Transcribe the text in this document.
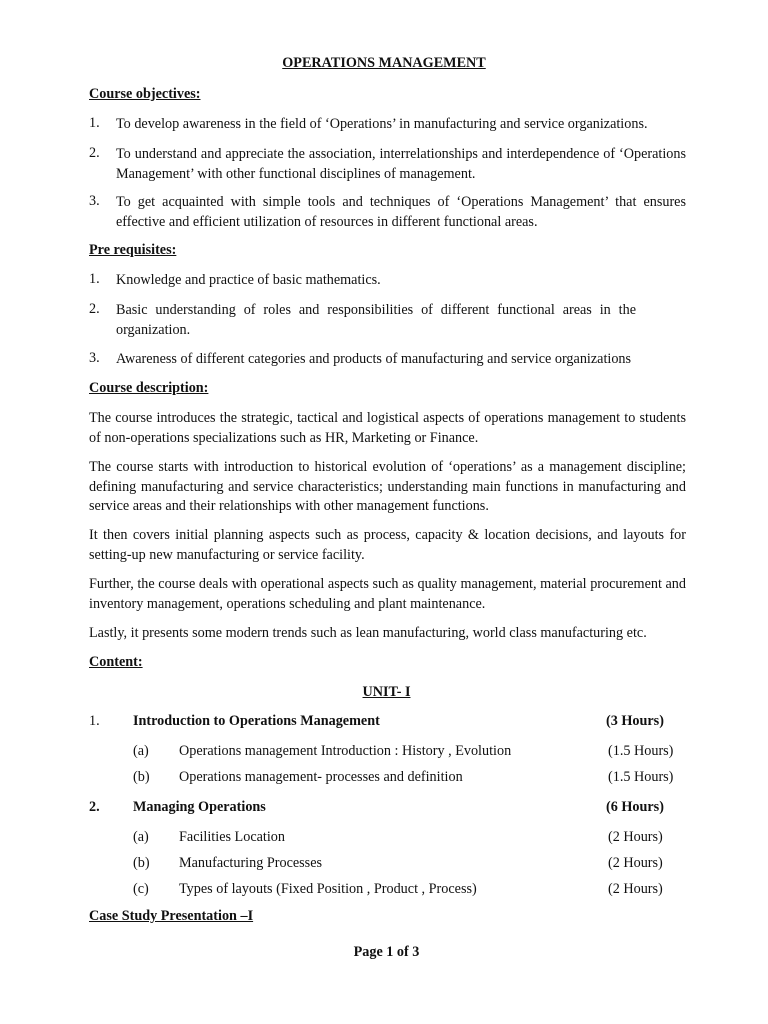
OPERATIONS MANAGEMENT
Course objectives:
1. To develop awareness in the field of ‘Operations’ in manufacturing and service organizations.
2. To understand and appreciate the association, interrelationships and interdependence of ‘Operations Management’ with other functional disciplines of management.
3. To get acquainted with simple tools and techniques of ‘Operations Management’ that ensures effective and efficient utilization of resources in different functional areas.
Pre requisites:
1. Knowledge and practice of basic mathematics.
2. Basic understanding of roles and responsibilities of different functional areas in the organization.
3. Awareness of different categories and products of manufacturing and service organizations
Course description:
The course introduces the strategic, tactical and logistical aspects of operations management to students of non-operations specializations such as HR, Marketing or Finance.
The course starts with introduction to historical evolution of ‘operations’ as a management discipline; defining manufacturing and service characteristics; understanding main functions in manufacturing and service areas and their relationships with other management functions.
It then covers initial planning aspects such as process, capacity & location decisions, and layouts for setting-up new manufacturing or service facility.
Further, the course deals with operational aspects such as quality management, material procurement and inventory management, operations scheduling and plant maintenance.
Lastly, it presents some modern trends such as lean manufacturing, world class manufacturing etc.
Content:
UNIT- I
1. Introduction to Operations Management	(3 Hours)
(a) Operations management Introduction : History , Evolution	(1.5 Hours)
(b) Operations management- processes and definition	(1.5 Hours)
2. Managing Operations	(6 Hours)
(a) Facilities Location	(2 Hours)
(b) Manufacturing Processes	(2 Hours)
(c) Types of layouts (Fixed Position , Product , Process)	(2 Hours)
Case Study Presentation –I
Page 1 of 3
